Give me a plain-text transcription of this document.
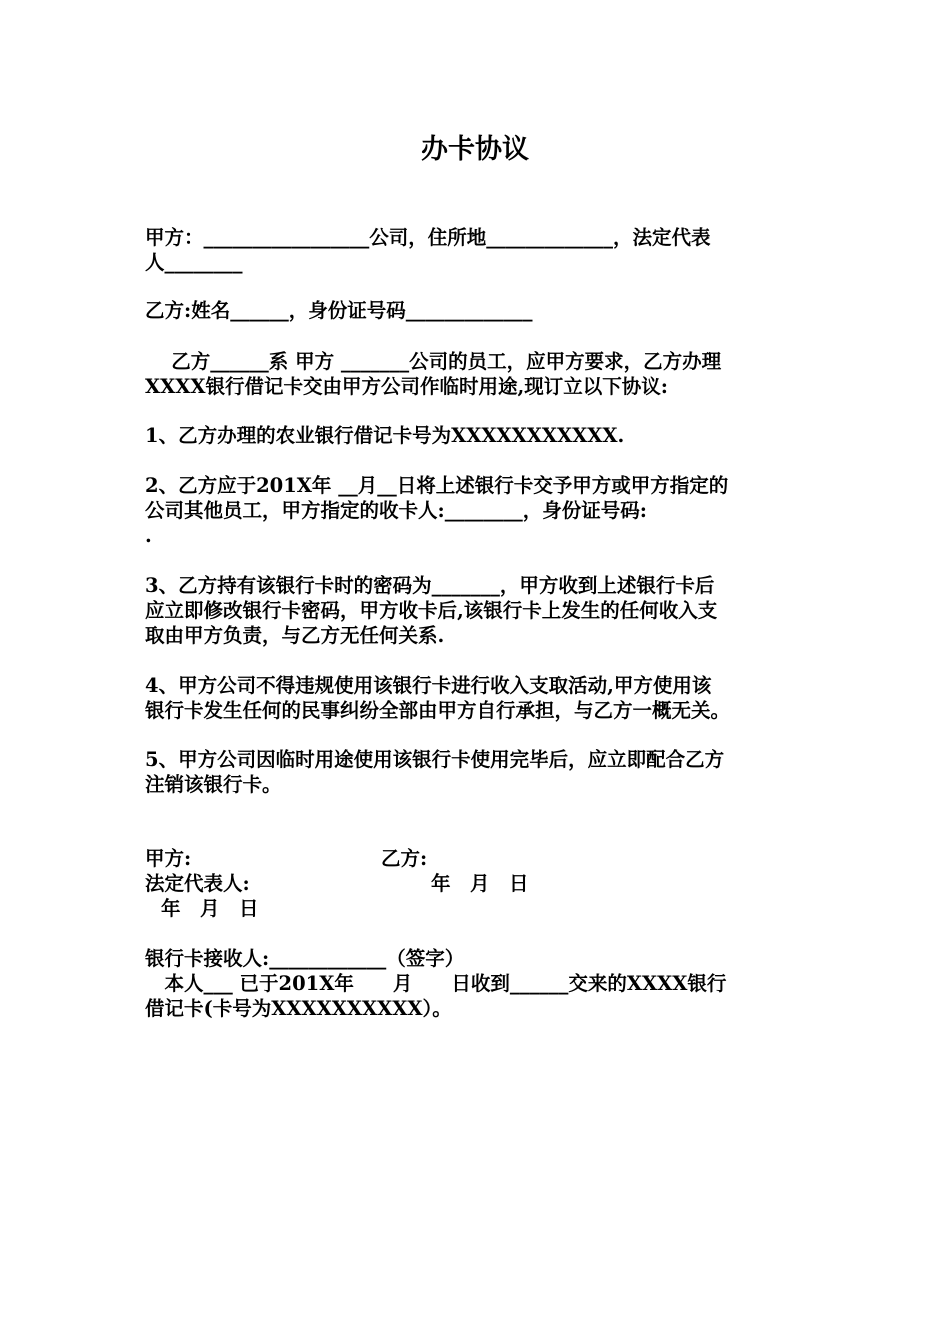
办卡协议
甲方：_________________公司，住所地_____________，法定代表
人________
乙方:姓名______，身份证号码_____________
　 乙方______系 甲方 _______公司的员工，应甲方要求，乙方办理
XXXX银行借记卡交由甲方公司作临时用途,现订立以下协议:
1、乙方办理的农业银行借记卡号为XXXXXXXXXXX.
2、乙方应于201X年 __月__日将上述银行卡交予甲方或甲方指定的
公司其他员工，甲方指定的收卡人:________，身份证号码:
.
3、乙方持有该银行卡时的密码为_______，甲方收到上述银行卡后
应立即修改银行卡密码，甲方收卡后,该银行卡上发生的任何收入支
取由甲方负责，与乙方无任何关系.
4、甲方公司不得违规使用该银行卡进行收入支取活动,甲方使用该
银行卡发生任何的民事纠纷全部由甲方自行承担，与乙方一概无关。
5、甲方公司因临时用途使用该银行卡使用完毕后，应立即配合乙方
注销该银行卡。
甲方:	乙方:
法定代表人:	年　月　日
年　月　日
银行卡接收人:____________（签字）
　本人___ 已于201X年　　月　　日收到______交来的XXXX银行
借记卡(卡号为XXXXXXXXXX）。
